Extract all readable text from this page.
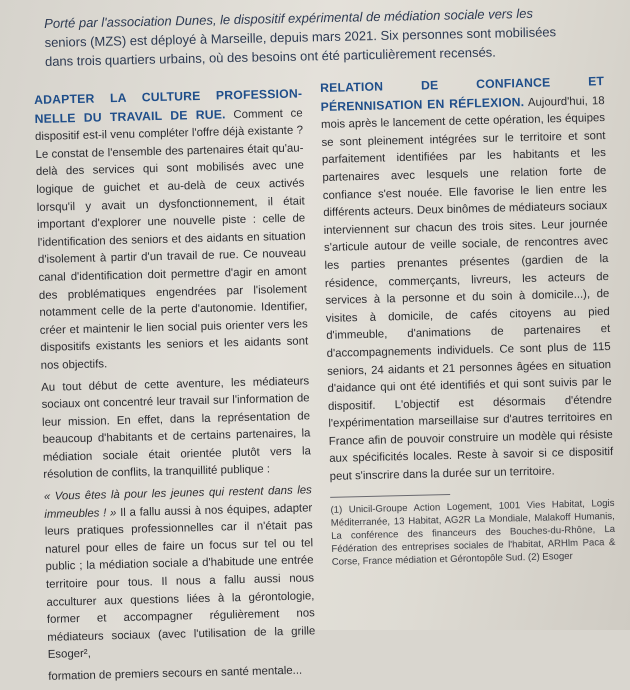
Porté par l'association Dunes, le dispositif expérimental de médiation sociale vers les
seniors (MZS) est déployé à Marseille, depuis mars 2021. Six personnes sont mobilisées
dans trois quartiers urbains, où des besoins ont été particulièrement recensés.

ADAPTER LA CULTURE PROFESSION-NELLE DU TRAVAIL DE RUE. Comment ce dispositif est-il venu compléter l'offre déjà existante ? Le constat de l'ensemble des partenaires était qu'au-delà des services qui sont mobilisés avec une logique de guichet et au-delà de ceux activés lorsqu'il y avait un dysfonctionnement, il était important d'explorer une nouvelle piste : celle de l'identification des seniors et des aidants en situation d'isolement à partir d'un travail de rue. Ce nouveau canal d'identification doit permettre d'agir en amont des problématiques engendrées par l'isolement notamment celle de la perte d'autonomie. Identifier, créer et maintenir le lien social puis orienter vers les dispositifs existants les seniors et les aidants sont nos objectifs.

Au tout début de cette aventure, les médiateurs sociaux ont concentré leur travail sur l'information de leur mission. En effet, dans la représentation de beaucoup d'habitants et de certains partenaires, la médiation sociale était orientée plutôt vers la résolution de conflits, la tranquillité publique :

« Vous êtes là pour les jeunes qui restent dans les immeubles ! » Il a fallu aussi à nos équipes, adapter leurs pratiques professionnelles car il n'était pas naturel pour elles de faire un focus sur tel ou tel public ; la médiation sociale a d'habitude une entrée territoire pour tous. Il nous a fallu aussi nous acculturer aux questions liées à la gérontologie, former et accompagner régulièrement nos médiateurs sociaux (avec l'utilisation de la grille Esoger²,

formation de premiers secours en santé mentale...

RELATION DE CONFIANCE ET PÉRENNISATION EN RÉFLEXION. Aujourd'hui, 18 mois après le lancement de cette opération, les équipes se sont pleinement intégrées sur le territoire et sont parfaitement identifiées par les habitants et les partenaires avec lesquels une relation forte de confiance s'est nouée. Elle favorise le lien entre les différents acteurs. Deux binômes de médiateurs sociaux interviennent sur chacun des trois sites. Leur journée s'articule autour de veille sociale, de rencontres avec les parties prenantes présentes (gardien de la résidence, commerçants, livreurs, les acteurs de services à la personne et du soin à domicile...), de visites à domicile, de cafés citoyens au pied d'immeuble, d'animations de partenaires et d'accompagnements individuels. Ce sont plus de 115 seniors, 24 aidants et 21 personnes âgées en situation d'aidance qui ont été identifiés et qui sont suivis par le dispositif. L'objectif est désormais d'étendre l'expérimentation marseillaise sur d'autres territoires en France afin de pouvoir construire un modèle qui résiste aux spécificités locales. Reste à savoir si ce dispositif peut s'inscrire dans la durée sur un territoire.

(1) Unicil-Groupe Action Logement, 1001 Vies Habitat, Logis Méditerranée, 13 Habitat, AG2R La Mondiale, Malakoff Humanis, La conférence des financeurs des Bouches-du-Rhône, La Fédération des entreprises sociales de l'habitat, ARHlm Paca & Corse, France médiation et Gérontopôle Sud. (2) Esoger
